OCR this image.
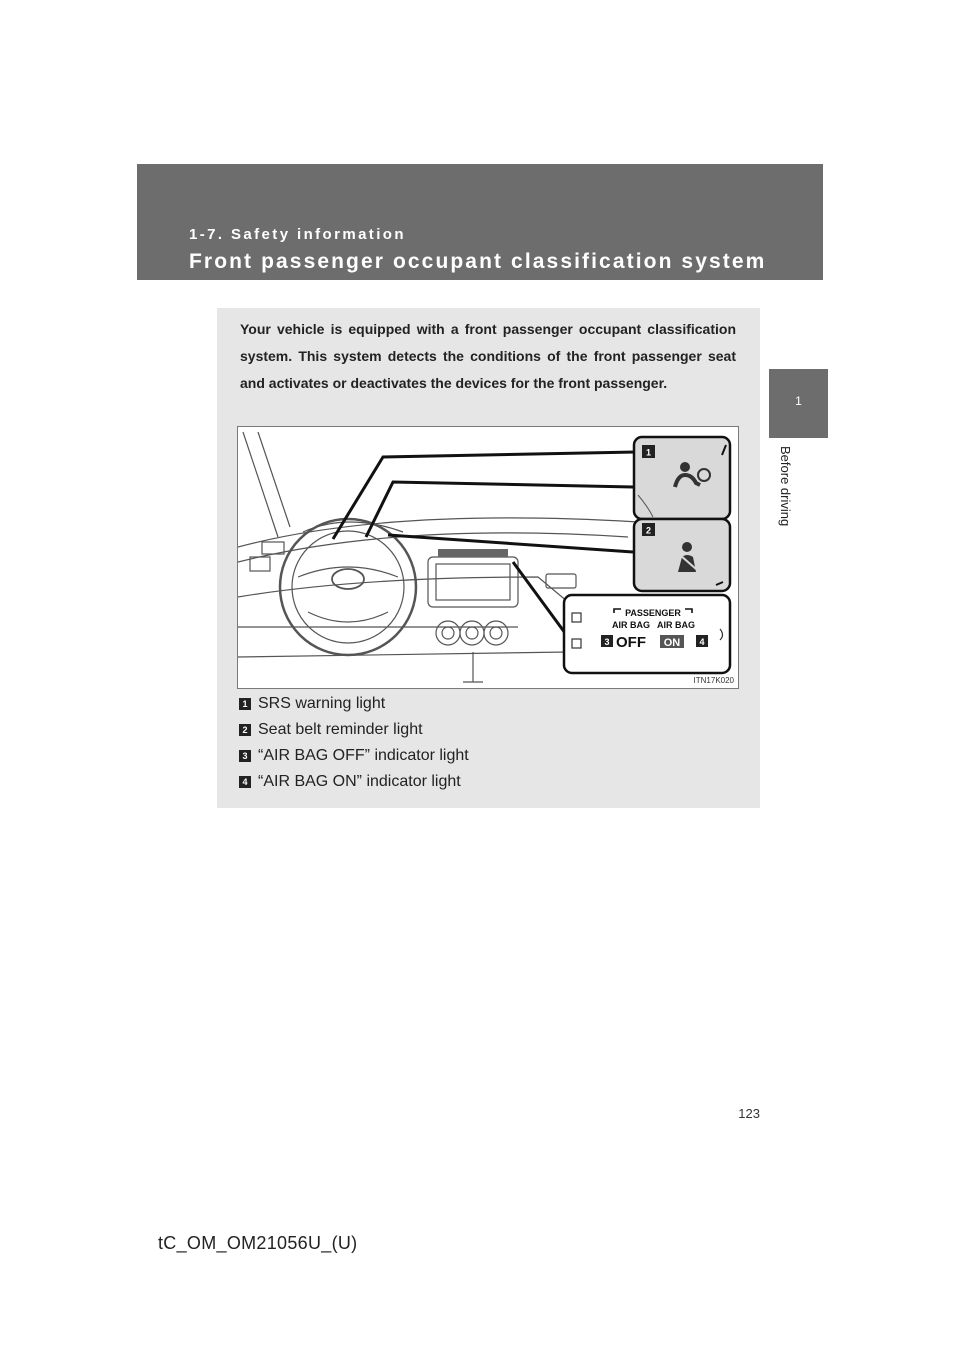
1-7. Safety information
Front passenger occupant classification system
1
Before driving
Your vehicle is equipped with a front passenger occupant classification system. This system detects the conditions of the front passenger seat and activates or deactivates the devices for the front passenger.
PASSENGER
AIR BAG AIR BAG
3 OFF ON 4
1
2
ITN17K020
1 SRS warning light
2 Seat belt reminder light
3 “AIR BAG OFF” indicator light
4 “AIR BAG ON” indicator light
123
tC_OM_OM21056U_(U)
